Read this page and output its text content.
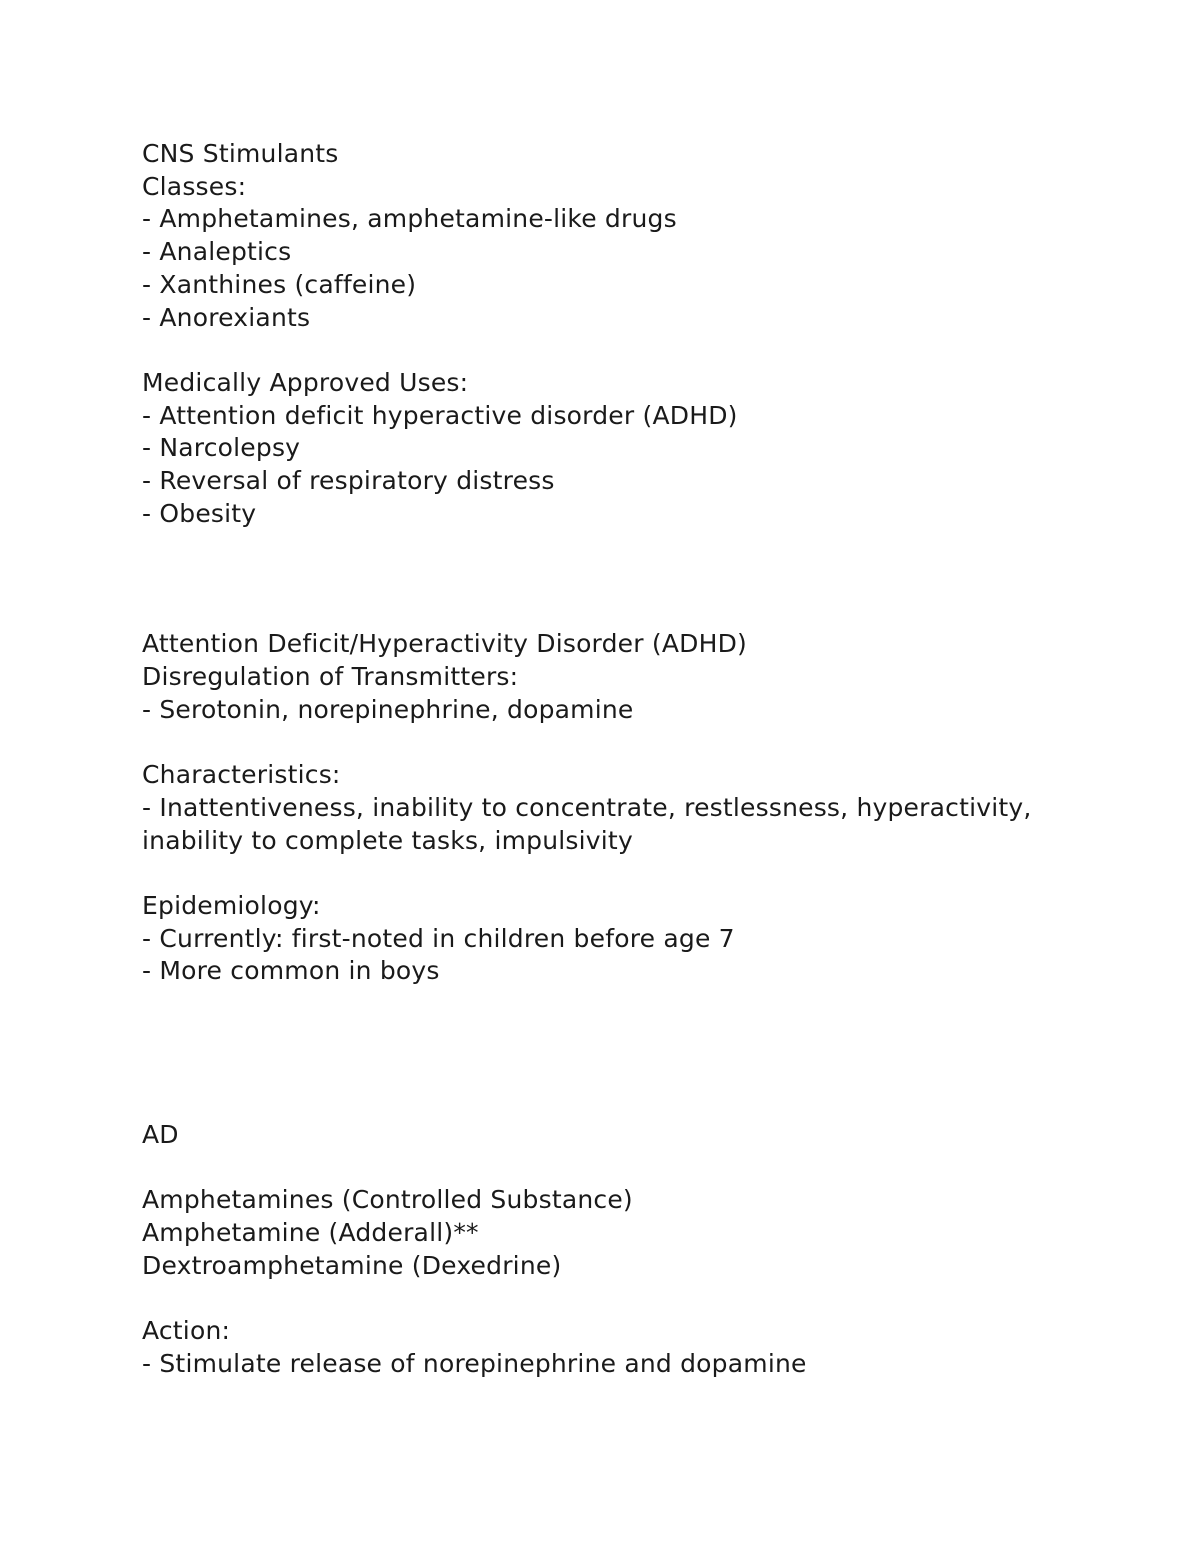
CNS Stimulants
Classes:
- Amphetamines, amphetamine-like drugs
- Analeptics
- Xanthines (caffeine)
- Anorexiants
Medically Approved Uses:
- Attention deficit hyperactive disorder (ADHD)
- Narcolepsy
- Reversal of respiratory distress
- Obesity
Attention Deficit/Hyperactivity Disorder (ADHD)
Disregulation of Transmitters:
- Serotonin, norepinephrine, dopamine
Characteristics:
- Inattentiveness, inability to concentrate, restlessness, hyperactivity,
inability to complete tasks, impulsivity
Epidemiology:
- Currently: first-noted in children before age 7
- More common in boys
AD
Amphetamines (Controlled Substance)
Amphetamine (Adderall)**
Dextroamphetamine (Dexedrine)
Action:
- Stimulate release of norepinephrine and dopamine
